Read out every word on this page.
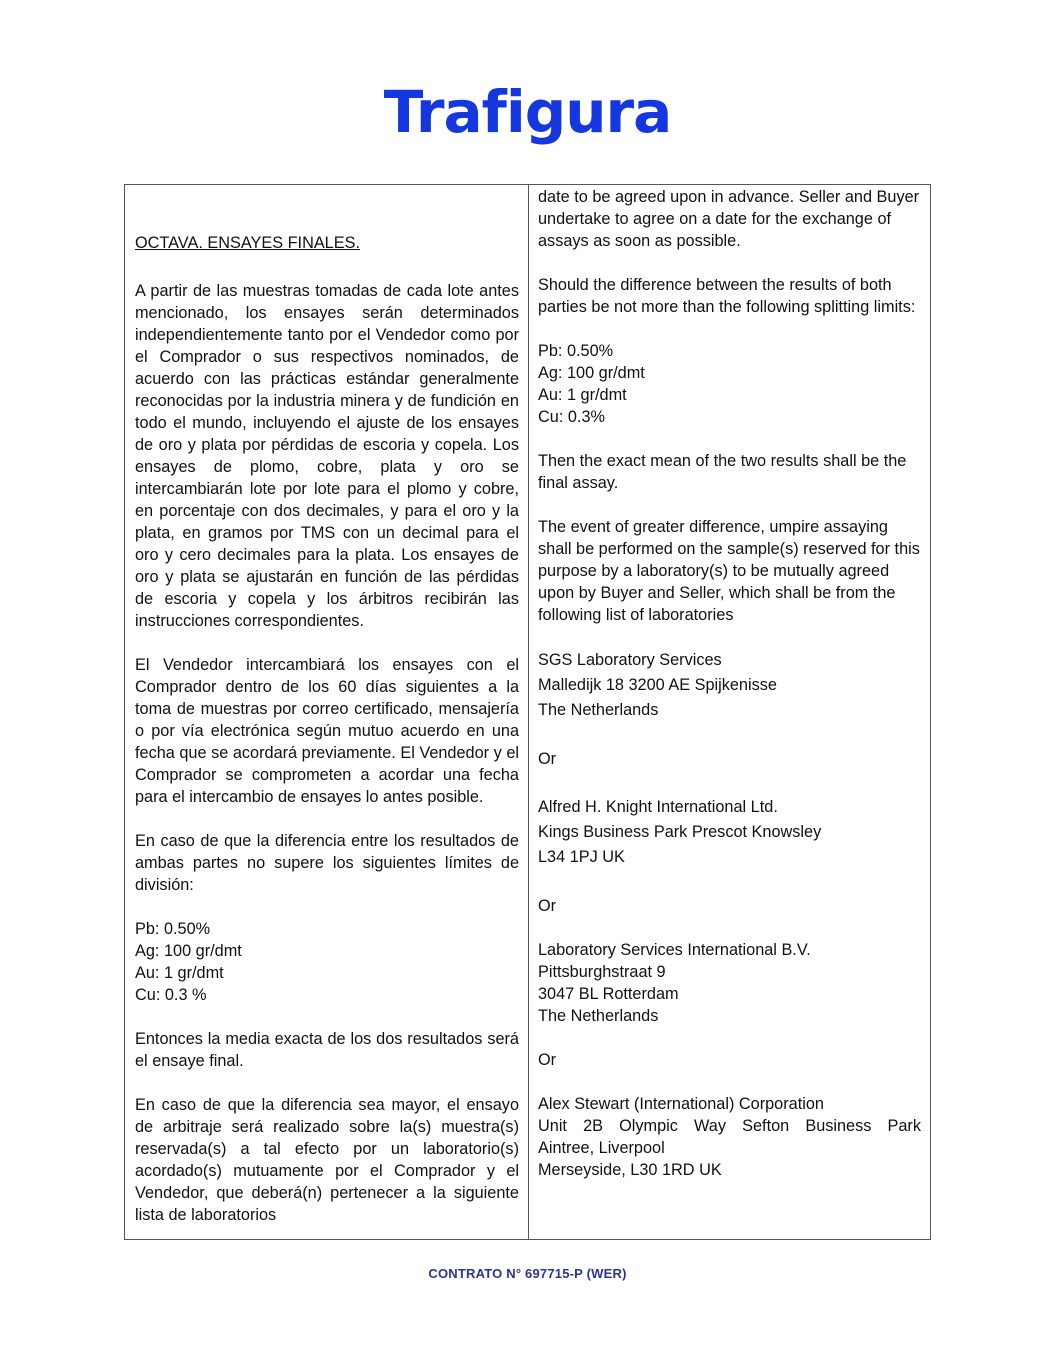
Trafigura
OCTAVA. ENSAYES FINALES.
A partir de las muestras tomadas de cada lote antes mencionado, los ensayes serán determinados independientemente tanto por el Vendedor como por el Comprador o sus respectivos nominados, de acuerdo con las prácticas estándar generalmente reconocidas por la industria minera y de fundición en todo el mundo, incluyendo el ajuste de los ensayes de oro y plata por pérdidas de escoria y copela. Los ensayes de plomo, cobre, plata y oro se intercambiarán lote por lote para el plomo y cobre, en porcentaje con dos decimales, y para el oro y la plata, en gramos por TMS con un decimal para el oro y cero decimales para la plata. Los ensayes de oro y plata se ajustarán en función de las pérdidas de escoria y copela y los árbitros recibirán las instrucciones correspondientes.
El Vendedor intercambiará los ensayes con el Comprador dentro de los 60 días siguientes a la toma de muestras por correo certificado, mensajería o por vía electrónica según mutuo acuerdo en una fecha que se acordará previamente. El Vendedor y el Comprador se comprometen a acordar una fecha para el intercambio de ensayes lo antes posible.
En caso de que la diferencia entre los resultados de ambas partes no supere los siguientes límites de división:
Pb: 0.50%
Ag: 100 gr/dmt
Au: 1 gr/dmt
Cu: 0.3 %
Entonces la media exacta de los dos resultados será el ensaye final.
En caso de que la diferencia sea mayor, el ensayo de arbitraje será realizado sobre la(s) muestra(s) reservada(s) a tal efecto por un laboratorio(s) acordado(s) mutuamente por el Comprador y el Vendedor, que deberá(n) pertenecer a la siguiente lista de laboratorios
date to be agreed upon in advance. Seller and Buyer undertake to agree on a date for the exchange of assays as soon as possible.
Should the difference between the results of both parties be not more than the following splitting limits:
Pb: 0.50%
Ag: 100 gr/dmt
Au: 1 gr/dmt
Cu: 0.3%
Then the exact mean of the two results shall be the final assay.
The event of greater difference, umpire assaying shall be performed on the sample(s) reserved for this purpose by a laboratory(s) to be mutually agreed upon by Buyer and Seller, which shall be from the following list of laboratories
SGS Laboratory Services
Malledijk 18 3200 AE Spijkenisse
The Netherlands
Or
Alfred H. Knight International Ltd.
Kings Business Park Prescot Knowsley
L34 1PJ UK
Or
Laboratory Services International B.V.
Pittsburghstraat 9
3047 BL Rotterdam
The Netherlands
Or
Alex Stewart (International) Corporation
Unit 2B Olympic Way Sefton Business Park
Aintree, Liverpool
Merseyside, L30 1RD UK
CONTRATO N° 697715-P (WER)
